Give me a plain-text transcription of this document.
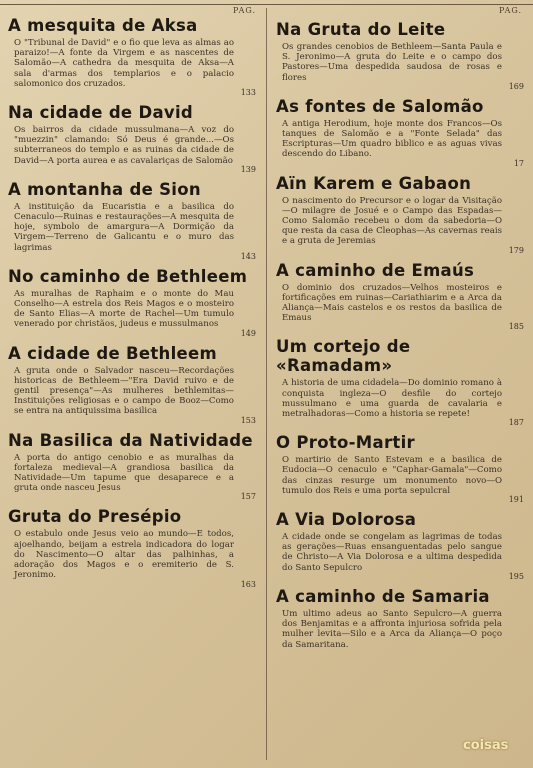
PAG.	PAG.
A mesquita de Aksa
O "Tribunal de David" e o fio que leva as almas ao paraizo!—A fonte da Virgem e as nascentes de Salomão—A cathedra da mesquita de Aksa—A sala d'armas dos templarios e o palacio salomonico dos cruzados.
133
Na cidade de David
Os bairros da cidade mussulmana—A voz do "muezzin" clamando: Só Deus é grande...—Os subterraneos do templo e as ruinas da cidade de David—A porta aurea e as cavalariças de Salomão
139
A montanha de Sion
A instituição da Eucaristia e a basilica do Cenaculo—Ruinas e restaurações—A mesquita de hoje, symbolo de amargura—A Dormição da Virgem—Terreno de Galicantu e o muro das lagrimas
143
No caminho de Bethleem
As muralhas de Raphaim e o monte do Mau Conselho—A estrela dos Reis Magos e o mosteiro de Santo Elias—A morte de Rachel—Um tumulo venerado por christãos, judeus e mussulmanos
149
A cidade de Bethleem
A gruta onde o Salvador nasceu—Recordações historicas de Bethleem—"Era David ruivo e de gentil presença"—As mulheres bethlemitas—Instituições religiosas e o campo de Booz—Como se entra na antiquissima basilica
153
Na Basilica da Natividade
A porta do antigo cenobio e as muralhas da fortaleza medieval—A grandiosa basilica da Natividade—Um tapume que desaparece e a gruta onde nasceu Jesus
157
Gruta do Presépio
O estabulo onde Jesus veio ao mundo—E todos, ajoelhando, beijam a estrela indicadora do logar do Nascimento—O altar das palhinhas, a adoração dos Magos e o eremiterio de S. Jeronimo.
163
Na Gruta do Leite
Os grandes cenobios de Bethleem—Santa Paula e S. Jeronimo—A gruta do Leite e o campo dos Pastores—Uma despedida saudosa de rosas e flores
169
As fontes de Salomão
A antiga Herodium, hoje monte dos Francos—Os tanques de Salomão e a "Fonte Selada" das Escripturas—Um quadro biblico e as aguas vivas descendo do Libano.
17
Aïn Karem e Gabaon
O nascimento do Precursor e o logar da Visitação—O milagre de Josué e o Campo das Espadas—Como Salomão recebeu o dom da sabedoria—O que resta da casa de Cleophas—As cavernas reais e a gruta de Jeremias
179
A caminho de Emaús
O dominio dos cruzados—Velhos mosteiros e fortificações em ruinas—Cariathiarim e a Arca da Aliança—Mais castelos e os restos da basilica de Emaus
185
Um cortejo de «Ramadam»
A historia de uma cidadela—Do dominio romano à conquista ingleza—O desfile do cortejo mussulmano e uma guarda de cavalaria e metralhadoras—Como a historia se repete!
187
O Proto-Martir
O martirio de Santo Estevam e a basilica de Eudocia—O cenaculo e "Caphar-Gamala"—Como das cinzas resurge um monumento novo—O tumulo dos Reis e uma porta sepulcral
191
A Via Dolorosa
A cidade onde se congelam as lagrimas de todas as gerações—Ruas ensanguentadas pelo sangue de Christo—A Via Dolorosa e a ultima despedida do Santo Sepulcro
195
A caminho de Samaria
Um ultimo adeus ao Santo Sepulcro—A guerra dos Benjamitas e a affronta injuriosa sofrida pela mulher levita—Silo e a Arca da Aliança—O poço da Samaritana.
coisas
